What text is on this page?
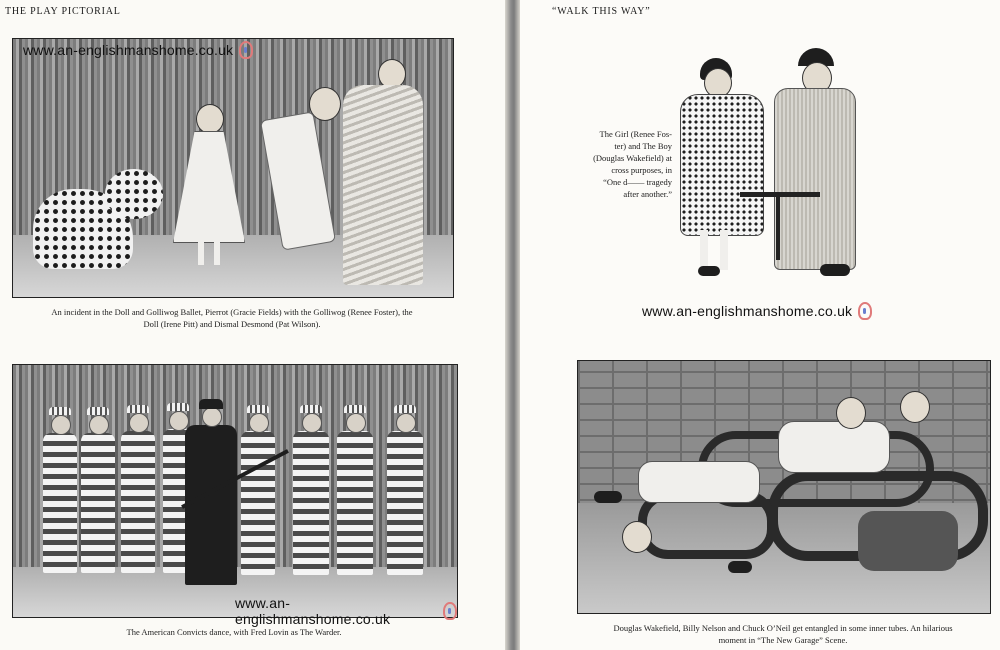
THE PLAY PICTORIAL
www.an-englishmanshome.co.uk
An incident in the Doll and Golliwog Ballet, Pierrot (Gracie Fields) with the Golliwog (Renee Foster), the
Doll (Irene Pitt) and Dismal Desmond (Pat Wilson).
www.an-englishmanshome.co.uk
The American Convicts dance, with Fred Lovin as The Warder.
“WALK THIS WAY”
The Girl (Renee Fos-
ter) and The Boy
(Douglas Wakefield) at
cross purposes, in
“One d—— tragedy
after another.”
www.an-englishmanshome.co.uk
Douglas Wakefield, Billy Nelson and Chuck O’Neil get entangled in some inner tubes. An hilarious
moment in “The New Garage” Scene.
